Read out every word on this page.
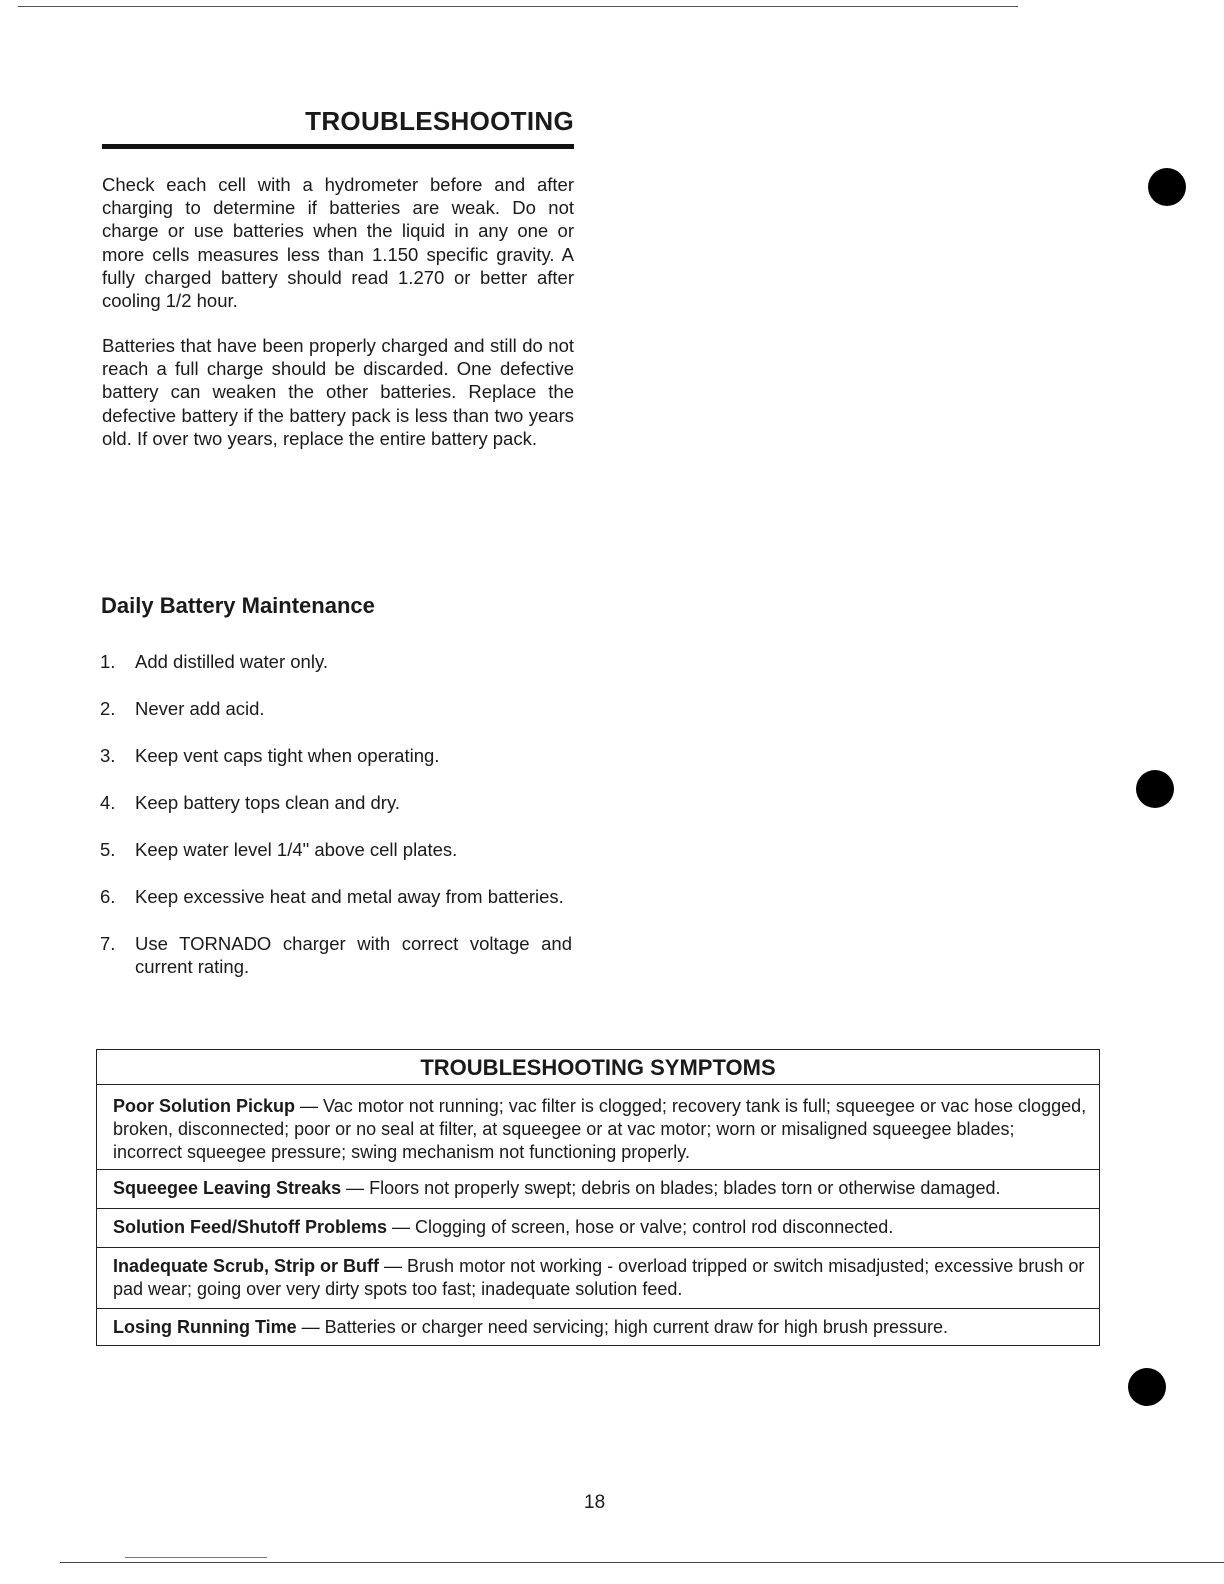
TROUBLESHOOTING

Check each cell with a hydrometer before and after charging to determine if batteries are weak. Do not charge or use batteries when the liquid in any one or more cells measures less than 1.150 specific gravity. A fully charged battery should read 1.270 or better after cooling 1/2 hour.

Batteries that have been properly charged and still do not reach a full charge should be discarded. One defective battery can weaken the other batteries. Replace the defective battery if the battery pack is less than two years old. If over two years, replace the entire battery pack.

Daily Battery Maintenance
1.	Add distilled water only.
2.	Never add acid.
3.	Keep vent caps tight when operating.
4.	Keep battery tops clean and dry.
5.	Keep water level 1/4" above cell plates.
6.	Keep excessive heat and metal away from batteries.
7.	Use TORNADO charger with correct voltage and current rating.
TROUBLESHOOTING SYMPTOMS
Poor Solution Pickup — Vac motor not running; vac filter is clogged; recovery tank is full; squeegee or vac hose clogged, broken, disconnected; poor or no seal at filter, at squeegee or at vac motor; worn or misaligned squeegee blades; incorrect squeegee pressure; swing mechanism not functioning properly.
Squeegee Leaving Streaks — Floors not properly swept; debris on blades; blades torn or otherwise damaged.
Solution Feed/Shutoff Problems — Clogging of screen, hose or valve; control rod disconnected.
Inadequate Scrub, Strip or Buff — Brush motor not working - overload tripped or switch misadjusted; excessive brush or pad wear; going over very dirty spots too fast; inadequate solution feed.
Losing Running Time — Batteries or charger need servicing; high current draw for high brush pressure.
18
